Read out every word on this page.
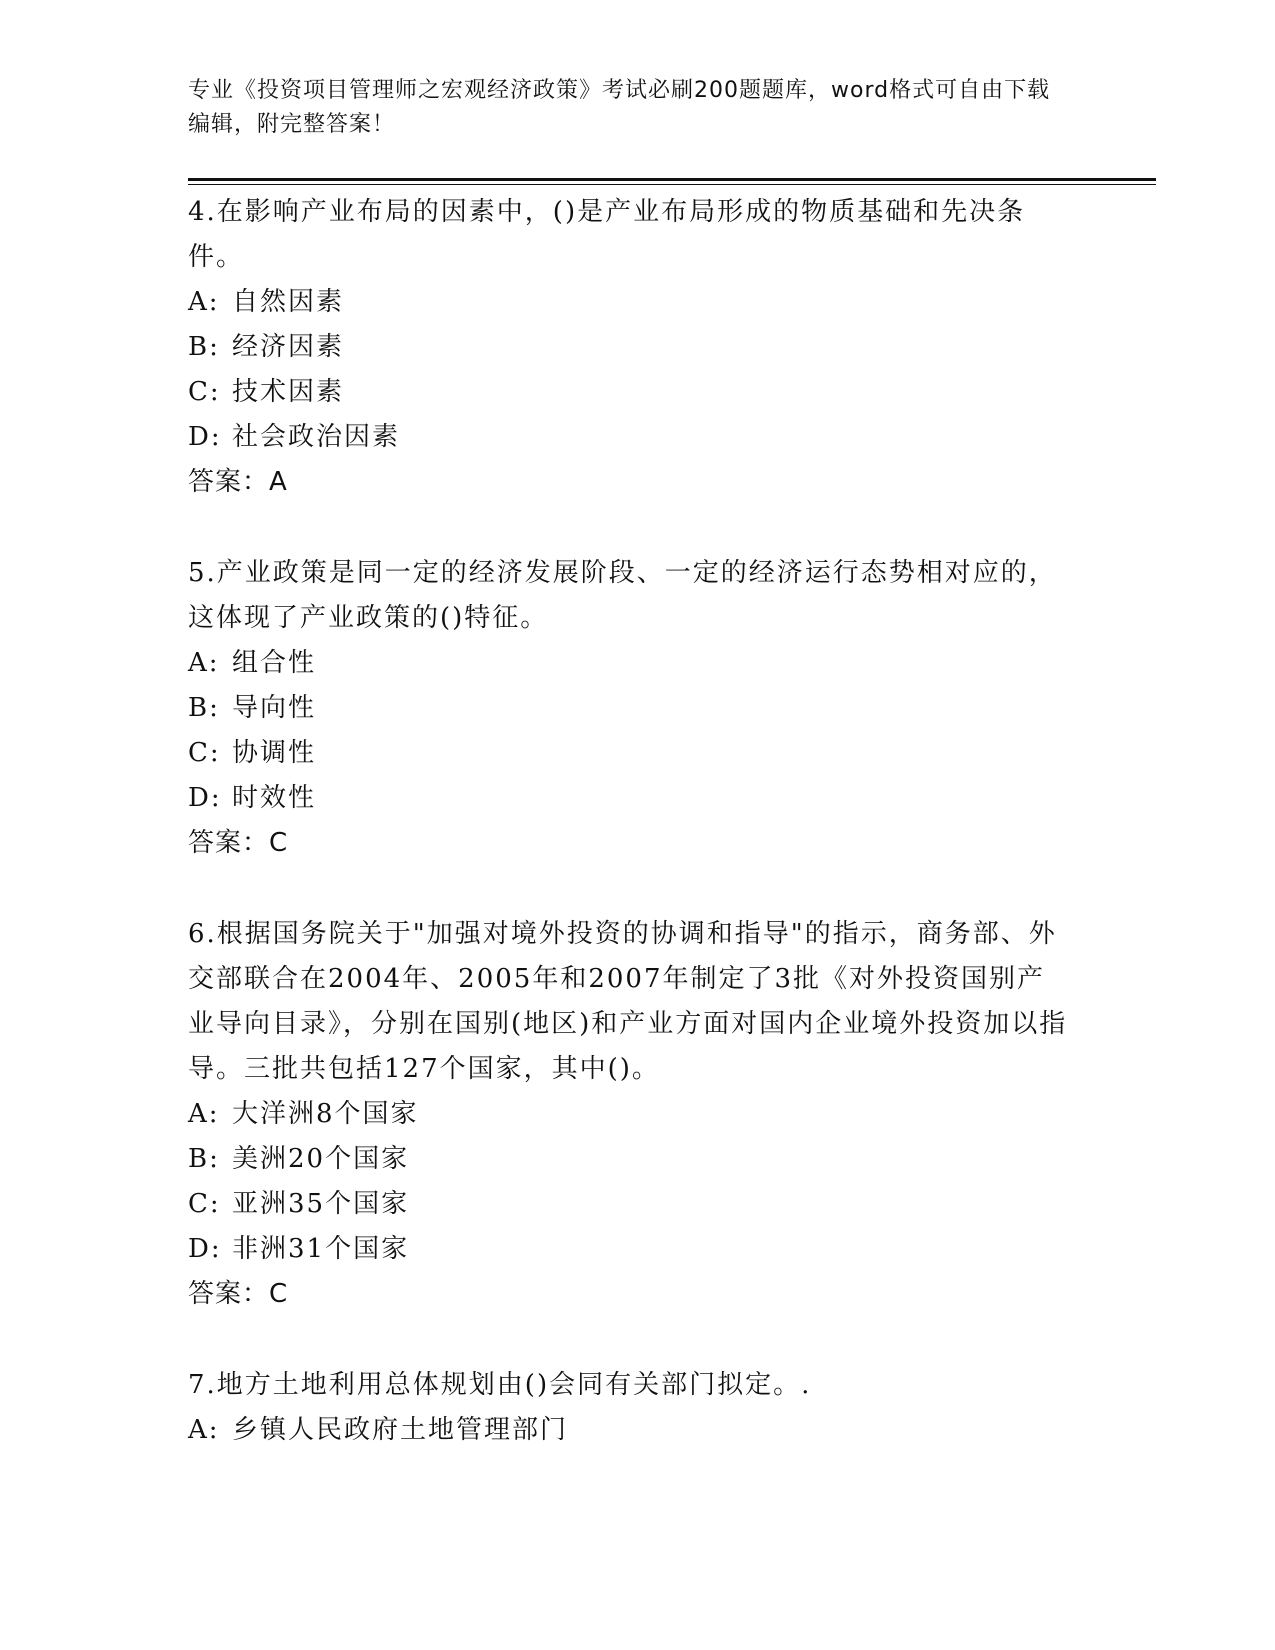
专业《投资项目管理师之宏观经济政策》考试必刷200题题库，word格式可自由下载编辑，附完整答案！

4.在影响产业布局的因素中，()是产业布局形成的物质基础和先决条件。

A: 自然因素

B: 经济因素

C: 技术因素

D: 社会政治因素

答案：A

5.产业政策是同一定的经济发展阶段、一定的经济运行态势相对应的，这体现了产业政策的()特征。

A: 组合性

B: 导向性

C: 协调性

D: 时效性

答案：C

6.根据国务院关于"加强对境外投资的协调和指导"的指示，商务部、外交部联合在2004年、2005年和2007年制定了3批《对外投资国别产业导向目录》，分别在国别(地区)和产业方面对国内企业境外投资加以指导。三批共包括127个国家，其中()。

A: 大洋洲8个国家

B: 美洲20个国家

C: 亚洲35个国家

D: 非洲31个国家

答案：C

7.地方土地利用总体规划由()会同有关部门拟定。.

A: 乡镇人民政府土地管理部门
